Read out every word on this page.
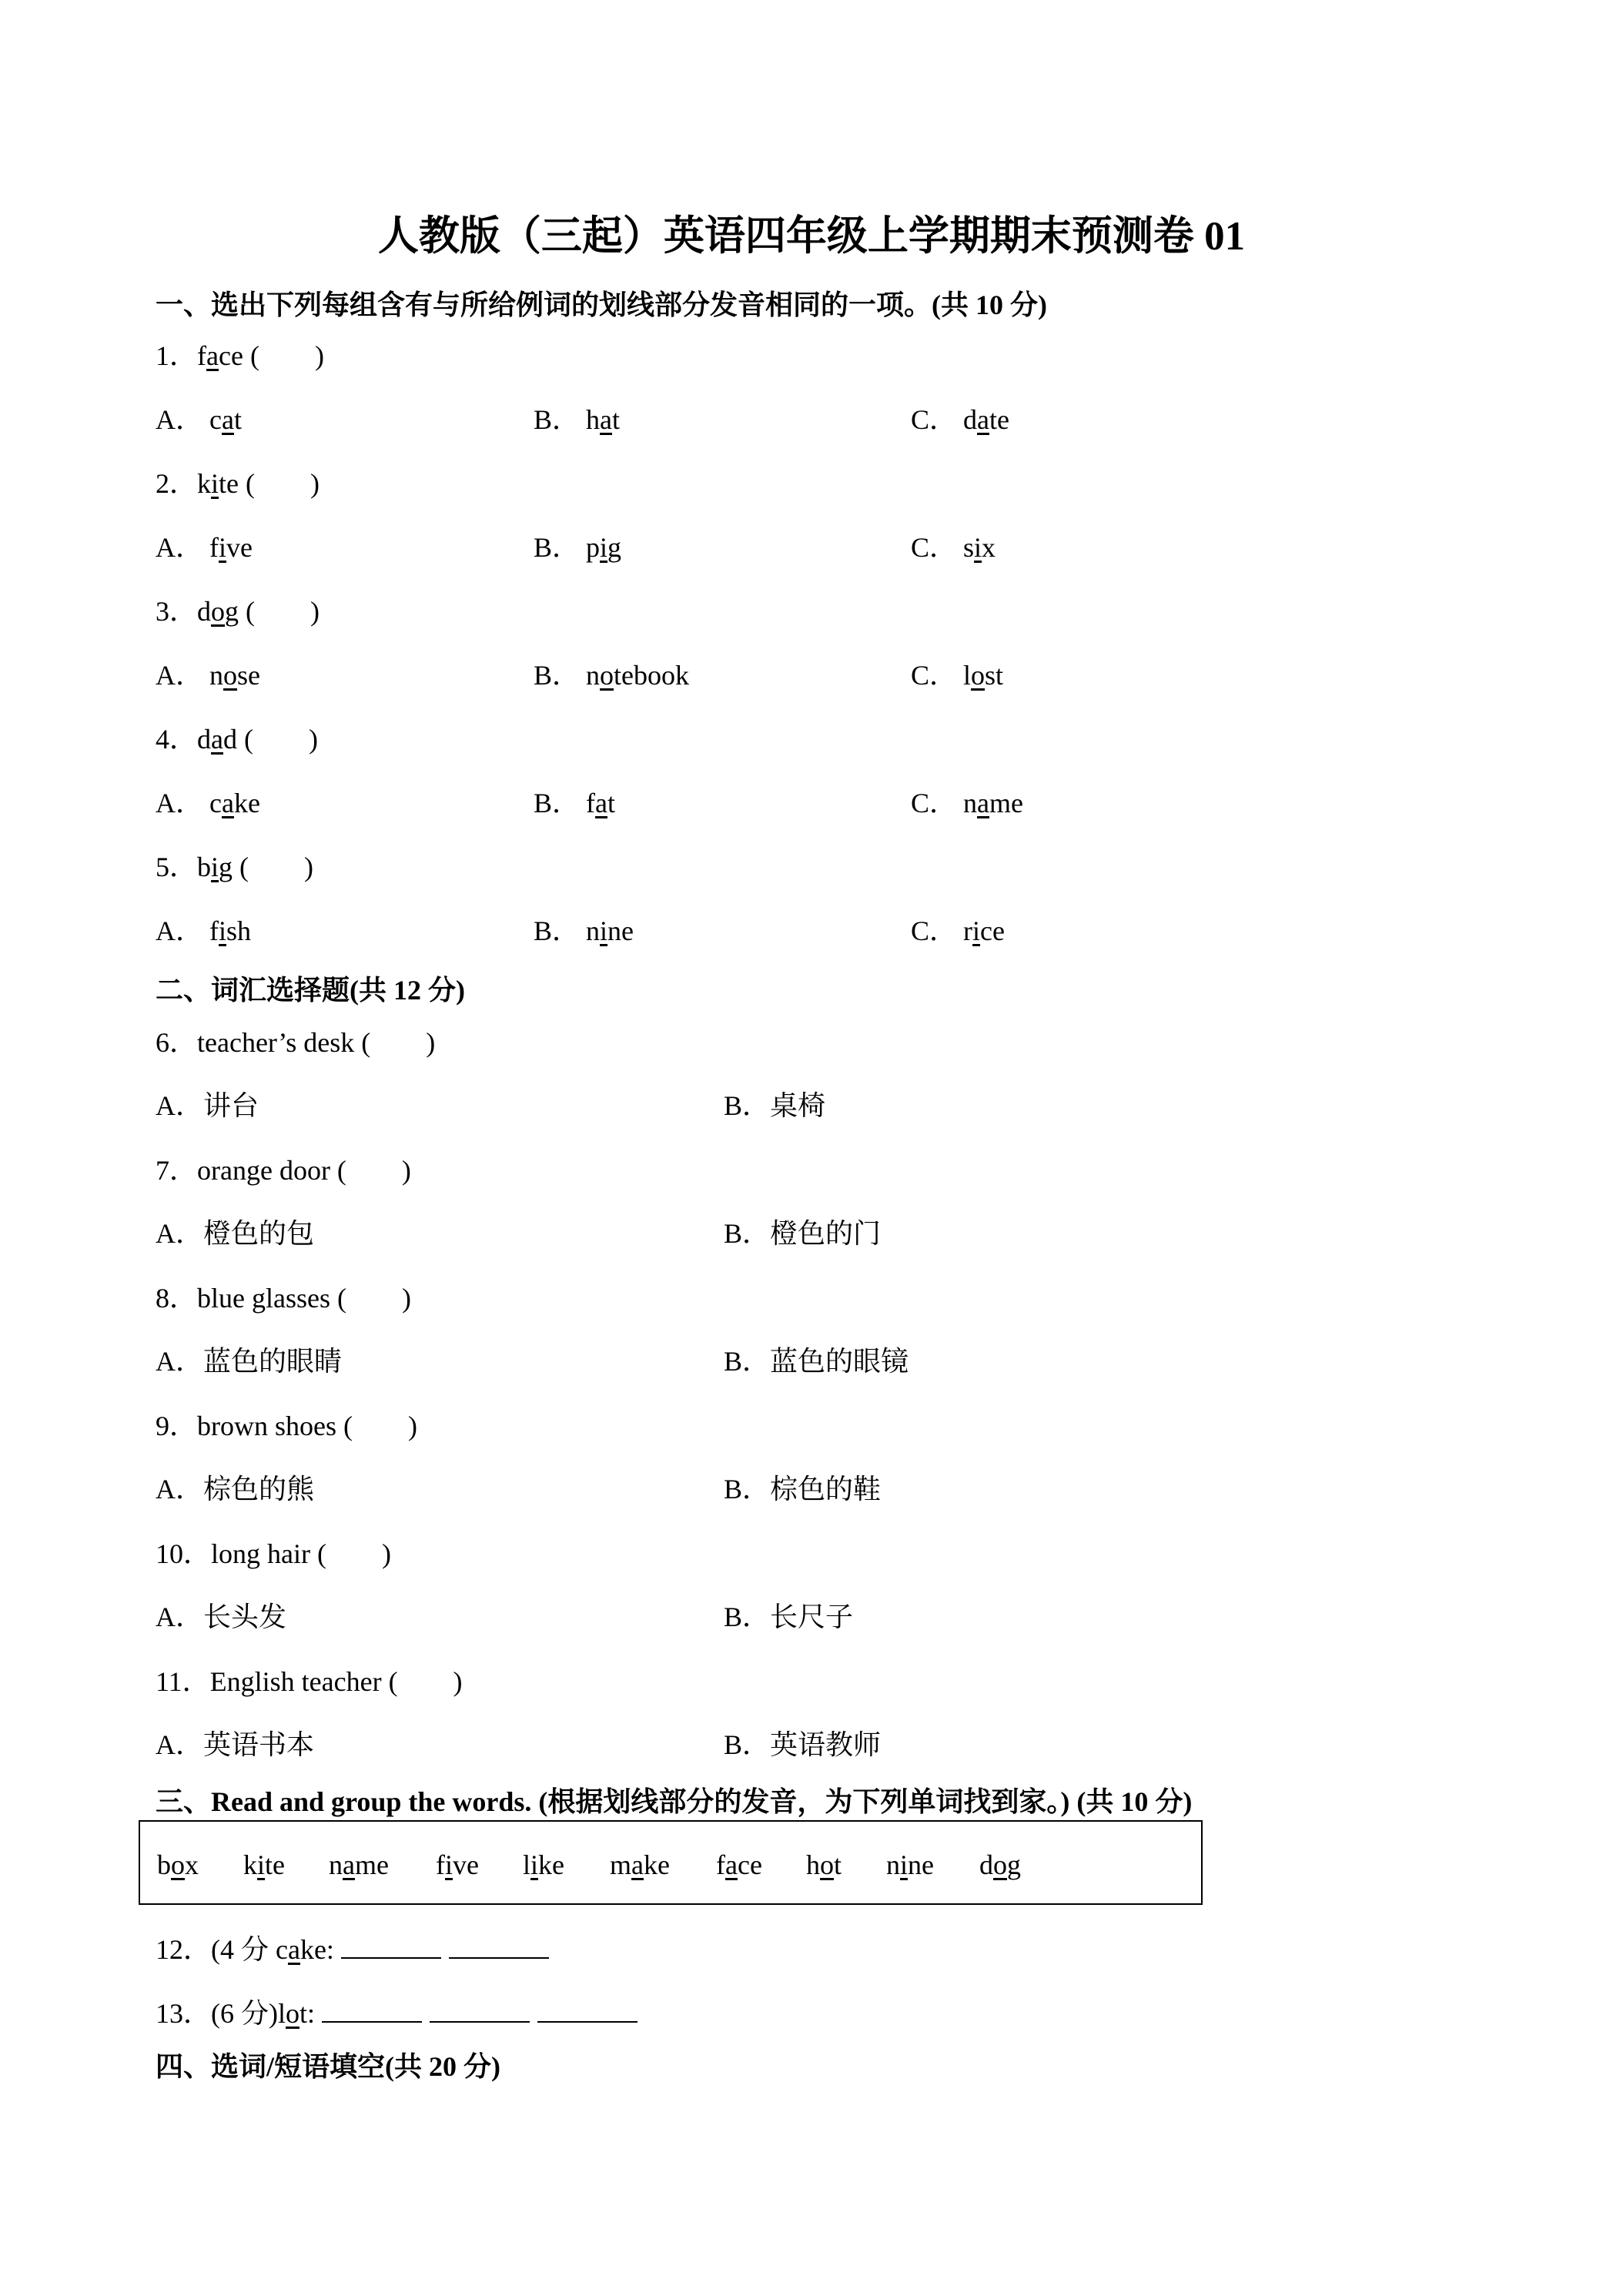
人教版（三起）英语四年级上学期期末预测卷 01
一、选出下列每组含有与所给例词的划线部分发音相同的一项。(共 10 分)
1．face (　　)
A． cat	B． hat	C． date
2．kite (　　)
A． five	B． pig	C． six
3．dog (　　)
A． nose	B． notebook	C． lost
4．dad (　　)
A． cake	B． fat	C． name
5．big (　　)
A． fish	B． nine	C． rice
二、词汇选择题(共 12 分)
6．teacher’s desk (　　)
A．讲台	B．桌椅
7．orange door (　　)
A．橙色的包	B．橙色的门
8．blue glasses (　　)
A．蓝色的眼睛	B．蓝色的眼镜
9．brown shoes (　　)
A．棕色的熊	B．棕色的鞋
10．long hair (　　)
A．长头发	B．长尺子
11．English teacher (　　)
A．英语书本	B．英语教师
三、Read and group the words. (根据划线部分的发音，为下列单词找到家。) (共 10 分)
box kite name five like make face hot nine dog
12．(4 分 cake:
13．(6 分)lot:
四、选词/短语填空(共 20 分)
